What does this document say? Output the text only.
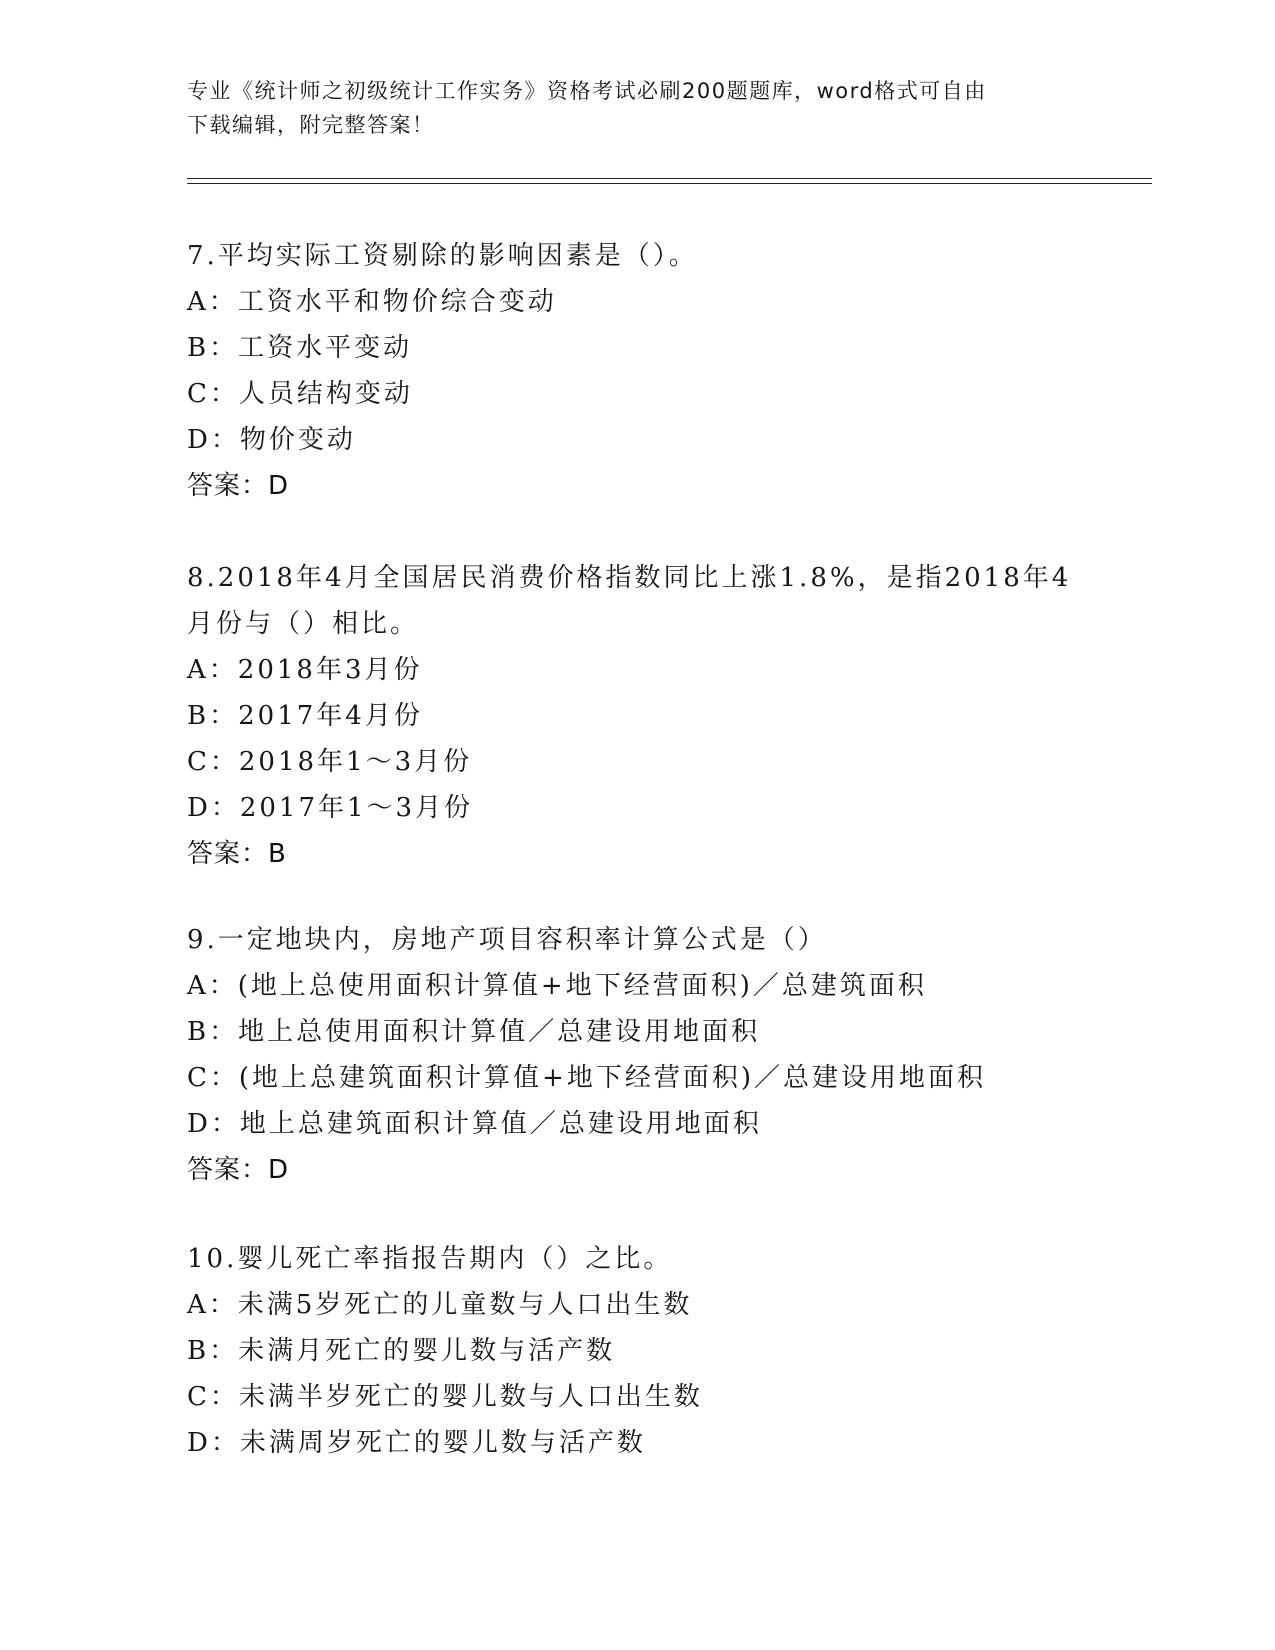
专业《统计师之初级统计工作实务》资格考试必刷200题题库，word格式可自由
下载编辑，附完整答案！
7.平均实际工资剔除的影响因素是（）。
A：工资水平和物价综合变动
B：工资水平变动
C：人员结构变动
D：物价变动
答案：D
8.2018年4月全国居民消费价格指数同比上涨1.8%，是指2018年4
月份与（）相比。
A：2018年3月份
B：2017年4月份
C：2018年1～3月份
D：2017年1～3月份
答案：B
9.一定地块内，房地产项目容积率计算公式是（）
A：(地上总使用面积计算值+地下经营面积)／总建筑面积
B：地上总使用面积计算值／总建设用地面积
C：(地上总建筑面积计算值+地下经营面积)／总建设用地面积
D：地上总建筑面积计算值／总建设用地面积
答案：D
10.婴儿死亡率指报告期内（）之比。
A：未满5岁死亡的儿童数与人口出生数
B：未满月死亡的婴儿数与活产数
C：未满半岁死亡的婴儿数与人口出生数
D：未满周岁死亡的婴儿数与活产数
